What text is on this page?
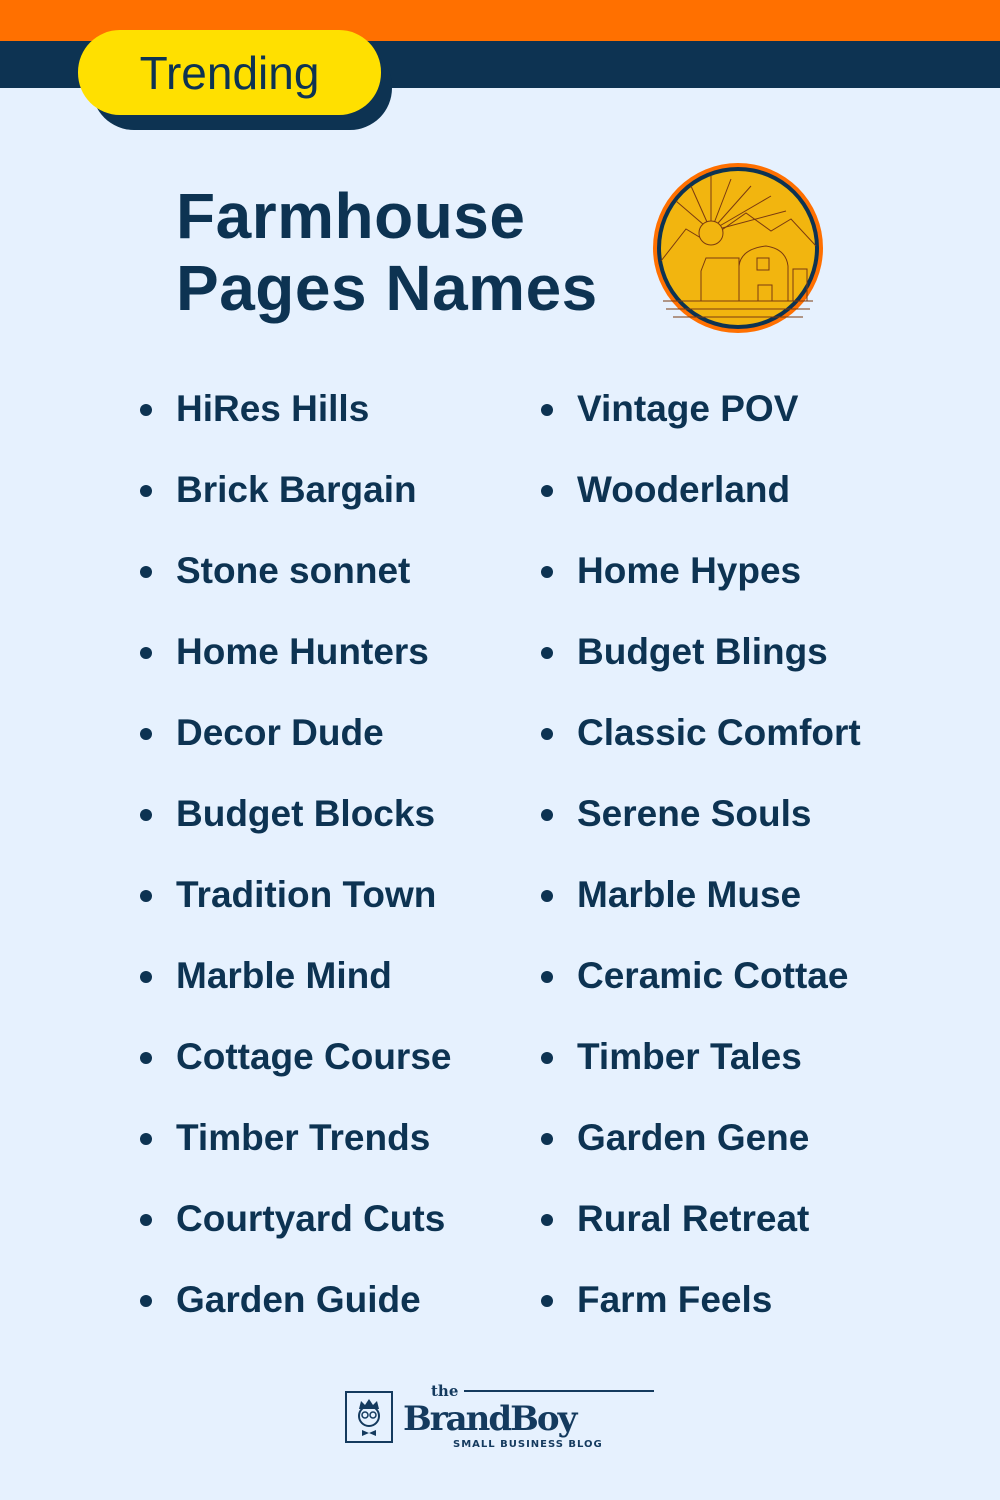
Trending
Farmhouse
Pages Names
HiRes Hills
Brick Bargain
Stone sonnet
Home Hunters
Decor Dude
Budget Blocks
Tradition Town
Marble Mind
Cottage Course
Timber Trends
Courtyard Cuts
Garden Guide
Vintage POV
Wooderland
Home Hypes
Budget Blings
Classic Comfort
Serene Souls
Marble Muse
Ceramic Cottae
Timber Tales
Garden Gene
Rural Retreat
Farm Feels
the
BrandBoy
SMALL BUSINESS BLOG
